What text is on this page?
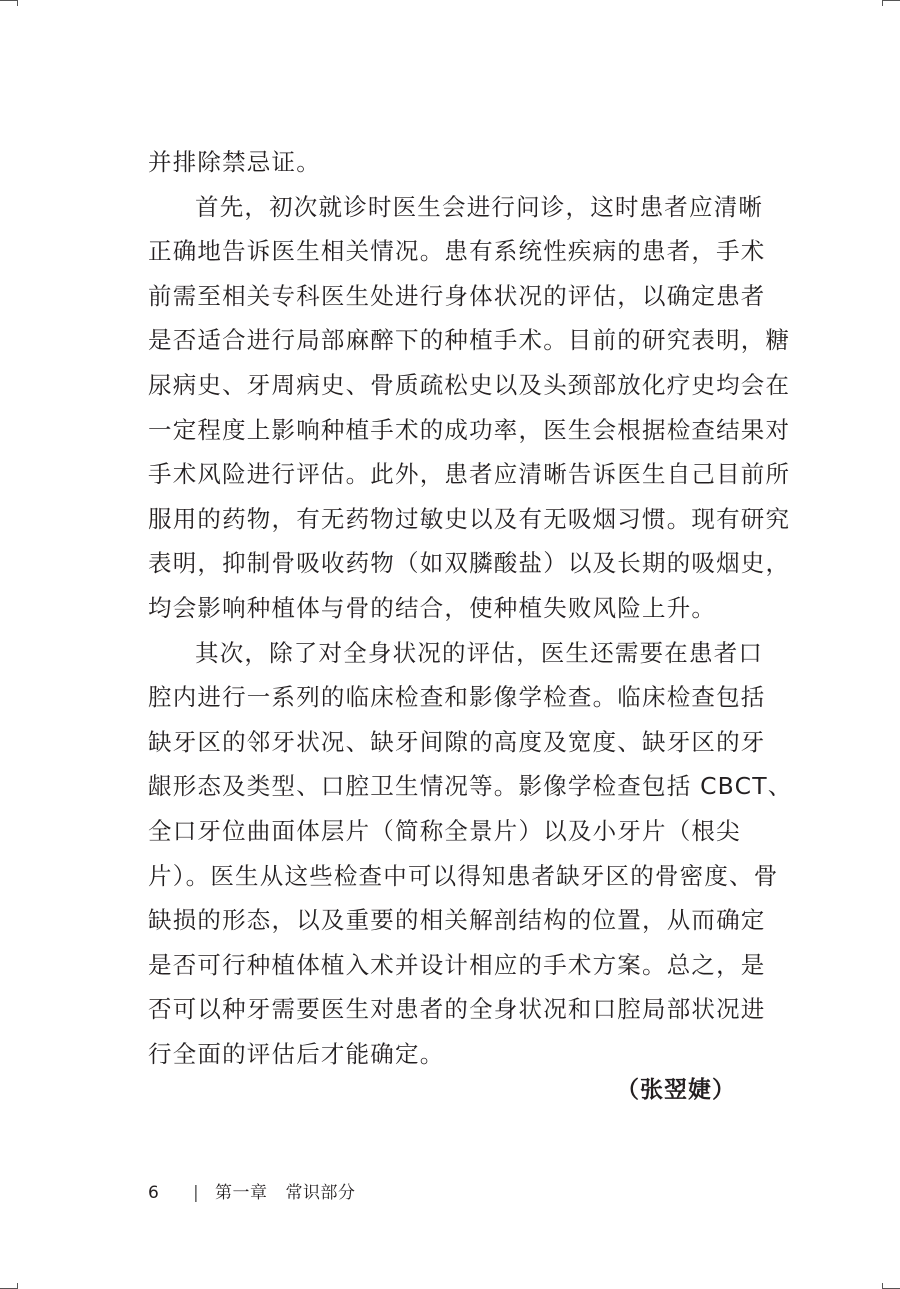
并排除禁忌证。
首先，初次就诊时医生会进行问诊，这时患者应清晰
正确地告诉医生相关情况。患有系统性疾病的患者，手术
前需至相关专科医生处进行身体状况的评估，以确定患者
是否适合进行局部麻醉下的种植手术。目前的研究表明，糖
尿病史、牙周病史、骨质疏松史以及头颈部放化疗史均会在
一定程度上影响种植手术的成功率，医生会根据检查结果对
手术风险进行评估。此外，患者应清晰告诉医生自己目前所
服用的药物，有无药物过敏史以及有无吸烟习惯。现有研究
表明，抑制骨吸收药物（如双膦酸盐）以及长期的吸烟史，
均会影响种植体与骨的结合，使种植失败风险上升。
其次，除了对全身状况的评估，医生还需要在患者口
腔内进行一系列的临床检查和影像学检查。临床检查包括
缺牙区的邻牙状况、缺牙间隙的高度及宽度、缺牙区的牙
龈形态及类型、口腔卫生情况等。影像学检查包括 CBCT、
全口牙位曲面体层片（简称全景片）以及小牙片（根尖
片）。医生从这些检查中可以得知患者缺牙区的骨密度、骨
缺损的形态，以及重要的相关解剖结构的位置，从而确定
是否可行种植体植入术并设计相应的手术方案。总之，是
否可以种牙需要医生对患者的全身状况和口腔局部状况进
行全面的评估后才能确定。
（张翌婕）
6 | 第一章 常识部分
